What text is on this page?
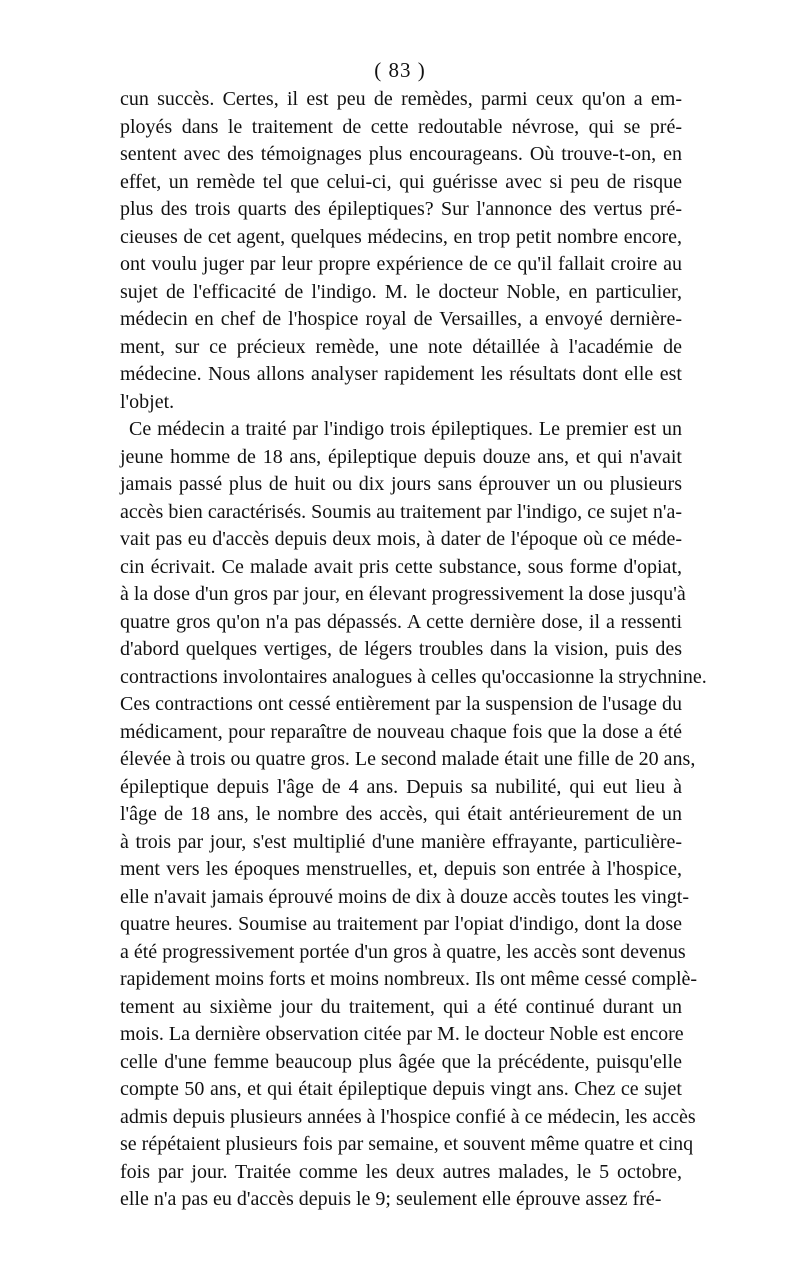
( 83 )
cun succès. Certes, il est peu de remèdes, parmi ceux qu'on a em-
ployés dans le traitement de cette redoutable névrose, qui se pré-
sentent avec des témoignages plus encourageans. Où trouve-t-on, en
effet, un remède tel que celui-ci, qui guérisse avec si peu de risque
plus des trois quarts des épileptiques? Sur l'annonce des vertus pré-
cieuses de cet agent, quelques médecins, en trop petit nombre encore,
ont voulu juger par leur propre expérience de ce qu'il fallait croire au
sujet de l'efficacité de l'indigo. M. le docteur Noble, en particulier,
médecin en chef de l'hospice royal de Versailles, a envoyé dernière-
ment, sur ce précieux remède, une note détaillée à l'académie de
médecine. Nous allons analyser rapidement les résultats dont elle est
l'objet.
Ce médecin a traité par l'indigo trois épileptiques. Le premier est un
jeune homme de 18 ans, épileptique depuis douze ans, et qui n'avait
jamais passé plus de huit ou dix jours sans éprouver un ou plusieurs
accès bien caractérisés. Soumis au traitement par l'indigo, ce sujet n'a-
vait pas eu d'accès depuis deux mois, à dater de l'époque où ce méde-
cin écrivait. Ce malade avait pris cette substance, sous forme d'opiat,
à la dose d'un gros par jour, en élevant progressivement la dose jusqu'à
quatre gros qu'on n'a pas dépassés. A cette dernière dose, il a ressenti
d'abord quelques vertiges, de légers troubles dans la vision, puis des
contractions involontaires analogues à celles qu'occasionne la strychnine.
Ces contractions ont cessé entièrement par la suspension de l'usage du
médicament, pour reparaître de nouveau chaque fois que la dose a été
élevée à trois ou quatre gros. Le second malade était une fille de 20 ans,
épileptique depuis l'âge de 4 ans. Depuis sa nubilité, qui eut lieu à
l'âge de 18 ans, le nombre des accès, qui était antérieurement de un
à trois par jour, s'est multiplié d'une manière effrayante, particulière-
ment vers les époques menstruelles, et, depuis son entrée à l'hospice,
elle n'avait jamais éprouvé moins de dix à douze accès toutes les vingt-
quatre heures. Soumise au traitement par l'opiat d'indigo, dont la dose
a été progressivement portée d'un gros à quatre, les accès sont devenus
rapidement moins forts et moins nombreux. Ils ont même cessé complè-
tement au sixième jour du traitement, qui a été continué durant un
mois. La dernière observation citée par M. le docteur Noble est encore
celle d'une femme beaucoup plus âgée que la précédente, puisqu'elle
compte 50 ans, et qui était épileptique depuis vingt ans. Chez ce sujet
admis depuis plusieurs années à l'hospice confié à ce médecin, les accès
se répétaient plusieurs fois par semaine, et souvent même quatre et cinq
fois par jour. Traitée comme les deux autres malades, le 5 octobre,
elle n'a pas eu d'accès depuis le 9; seulement elle éprouve assez fré-
